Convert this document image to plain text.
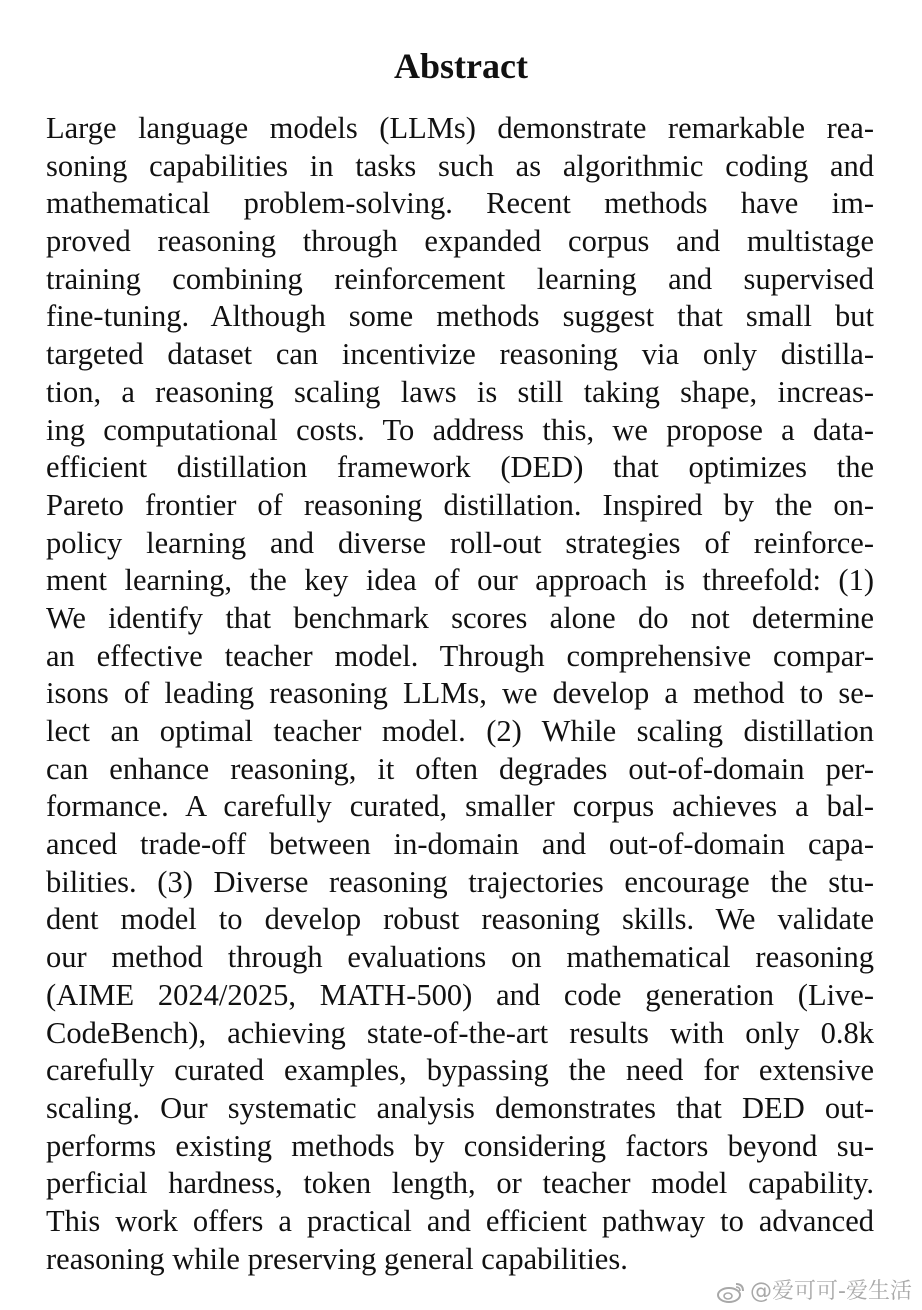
Abstract
Large language models (LLMs) demonstrate remarkable rea-
soning capabilities in tasks such as algorithmic coding and
mathematical problem-solving. Recent methods have im-
proved reasoning through expanded corpus and multistage
training combining reinforcement learning and supervised
fine-tuning. Although some methods suggest that small but
targeted dataset can incentivize reasoning via only distilla-
tion, a reasoning scaling laws is still taking shape, increas-
ing computational costs. To address this, we propose a data-
efficient distillation framework (DED) that optimizes the
Pareto frontier of reasoning distillation. Inspired by the on-
policy learning and diverse roll-out strategies of reinforce-
ment learning, the key idea of our approach is threefold: (1)
We identify that benchmark scores alone do not determine
an effective teacher model. Through comprehensive compar-
isons of leading reasoning LLMs, we develop a method to se-
lect an optimal teacher model. (2) While scaling distillation
can enhance reasoning, it often degrades out-of-domain per-
formance. A carefully curated, smaller corpus achieves a bal-
anced trade-off between in-domain and out-of-domain capa-
bilities. (3) Diverse reasoning trajectories encourage the stu-
dent model to develop robust reasoning skills. We validate
our method through evaluations on mathematical reasoning
(AIME 2024/2025, MATH-500) and code generation (Live-
CodeBench), achieving state-of-the-art results with only 0.8k
carefully curated examples, bypassing the need for extensive
scaling. Our systematic analysis demonstrates that DED out-
performs existing methods by considering factors beyond su-
perficial hardness, token length, or teacher model capability.
This work offers a practical and efficient pathway to advanced
reasoning while preserving general capabilities.
@爱可可-爱生活
